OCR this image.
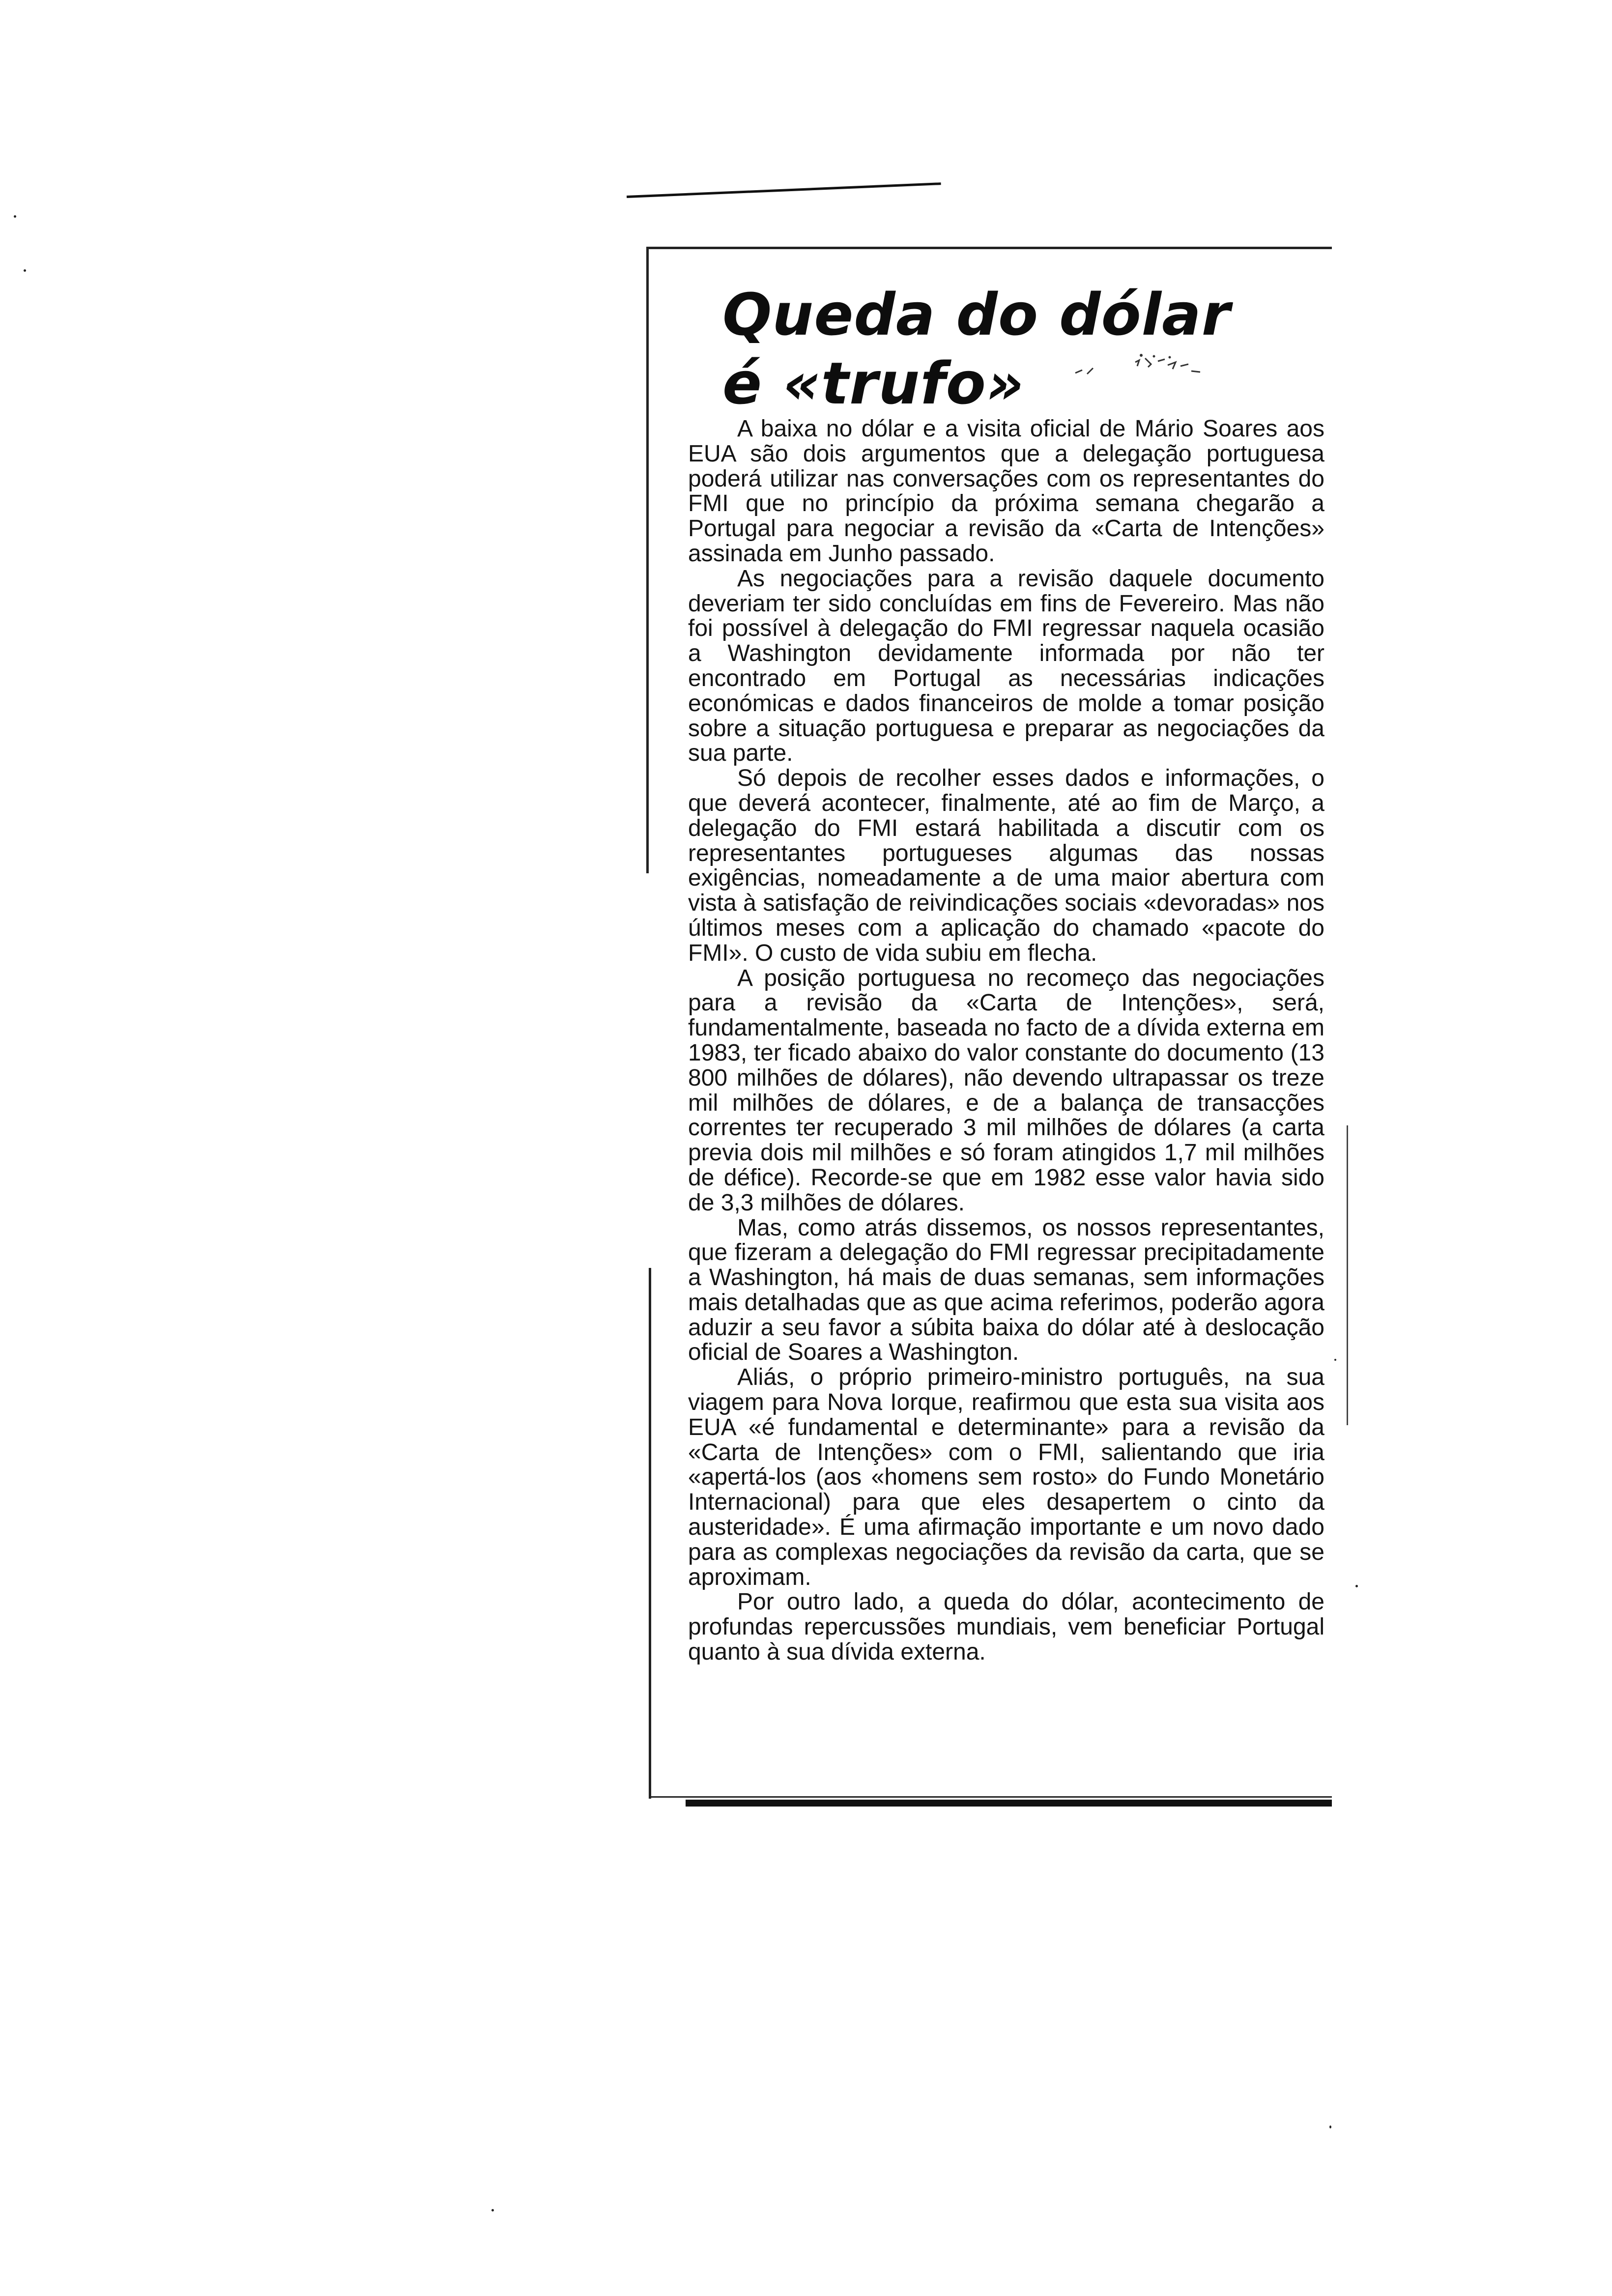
Queda do dólar
é «trufo»

A baixa no dólar e a visita oficial de Mário Soares aos EUA são dois argumentos que a delegação portuguesa poderá utilizar nas conversações com os representantes do FMI que no princípio da próxima semana chegarão a Portugal para negociar a revisão da «Carta de Intenções» assinada em Junho passado.

As negociações para a revisão daquele documento deveriam ter sido concluídas em fins de Fevereiro. Mas não foi possível à delegação do FMI regressar naquela ocasião a Washington devidamente informada por não ter encontrado em Portugal as necessárias indicações económicas e dados financeiros de molde a tomar posição sobre a situação portuguesa e preparar as negociações da sua parte.

Só depois de recolher esses dados e informações, o que deverá acontecer, finalmente, até ao fim de Março, a delegação do FMI estará habilitada a discutir com os representantes portugueses algumas das nossas exigências, nomeadamente a de uma maior abertura com vista à satisfação de reivindicações sociais «devoradas» nos últimos meses com a aplicação do chamado «pacote do FMI». O custo de vida subiu em flecha.

A posição portuguesa no recomeço das negociações para a revisão da «Carta de Intenções», será, fundamentalmente, baseada no facto de a dívida externa em 1983, ter ficado abaixo do valor constante do documento (13 800 milhões de dólares), não devendo ultrapassar os treze mil milhões de dólares, e de a balança de transacções correntes ter recuperado 3 mil milhões de dólares (a carta previa dois mil milhões e só foram atingidos 1,7 mil milhões de défice). Recorde-se que em 1982 esse valor havia sido de 3,3 milhões de dólares.

Mas, como atrás dissemos, os nossos representantes, que fizeram a delegação do FMI regressar precipitadamente a Washington, há mais de duas semanas, sem informações mais detalhadas que as que acima referimos, poderão agora aduzir a seu favor a súbita baixa do dólar até à deslocação oficial de Soares a Washington.

Aliás, o próprio primeiro-ministro português, na sua viagem para Nova Iorque, reafirmou que esta sua visita aos EUA «é fundamental e determinante» para a revisão da «Carta de Intenções» com o FMI, salientando que iria «apertá-los (aos «homens sem rosto» do Fundo Monetário Internacional) para que eles desapertem o cinto da austeridade». É uma afirmação importante e um novo dado para as complexas negociações da revisão da carta, que se aproximam.

Por outro lado, a queda do dólar, acontecimento de profundas repercussões mundiais, vem beneficiar Portugal quanto à sua dívida externa.
